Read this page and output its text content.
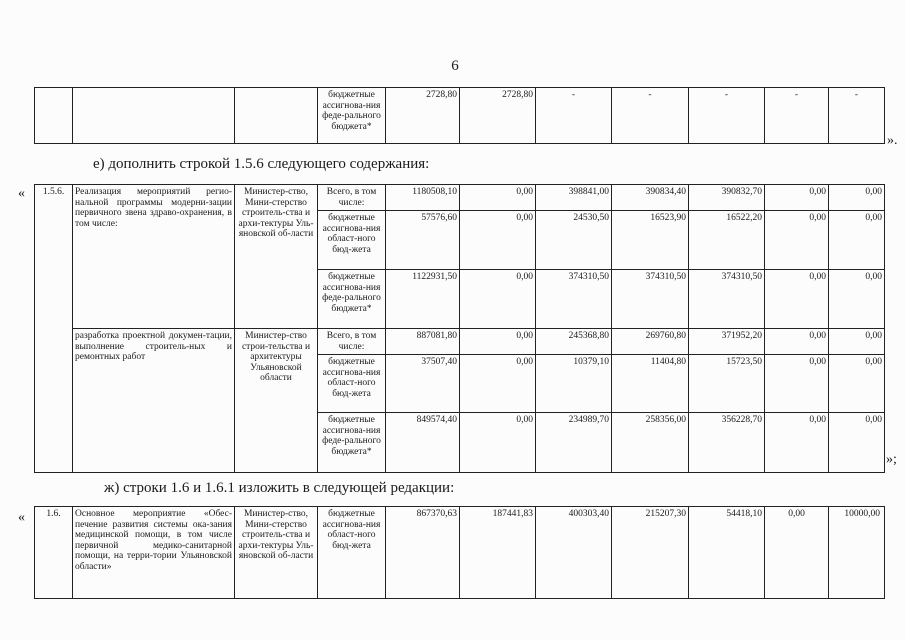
6
			бюджетные ассигнова-ния феде-рального бюджета*	2728,80	2728,80	-	-	-	-	-
».
е) дополнить строкой 1.5.6 следующего содержания:
« 1.5.6.	Реализация мероприятий регио-нальной программы модерни-зации первичного звена здраво-охранения, в том числе:	Министер-ство, Мини-стерство строитель-ства и архи-тектуры Уль-яновской об-ласти	Всего, в том числе:	1180508,10	0,00	398841,00	390834,40	390832,70	0,00	0,00
			бюджетные ассигнова-ния област-ного бюд-жета	57576,60	0,00	24530,50	16523,90	16522,20	0,00	0,00
			бюджетные ассигнова-ния феде-рального бюджета*	1122931,50	0,00	374310,50	374310,50	374310,50	0,00	0,00
	разработка проектной докумен-тации, выполнение строитель-ных и ремонтных работ	Министер-ство строи-тельства и архитектуры Ульяновской области	Всего, в том числе:	887081,80	0,00	245368,80	269760,80	371952,20	0,00	0,00
			бюджетные ассигнова-ния област-ного бюд-жета	37507,40	0,00	10379,10	11404,80	15723,50	0,00	0,00
			бюджетные ассигнова-ния феде-рального бюджета*	849574,40	0,00	234989,70	258356,00	356228,70	0,00	0,00
»;
ж) строки 1.6 и 1.6.1 изложить в следующей редакции:
« 1.6.	Основное мероприятие «Обес-печение развития системы ока-зания медицинской помощи, в том числе первичной медико-санитарной помощи, на терри-тории Ульяновской области»	Министер-ство, Мини-стерство строитель-ства и архи-тектуры Уль-яновской об-ласти	бюджетные ассигнова-ния област-ного бюд-жета	867370,63	187441,83	400303,40	215207,30	54418,10	0,00	10000,00
